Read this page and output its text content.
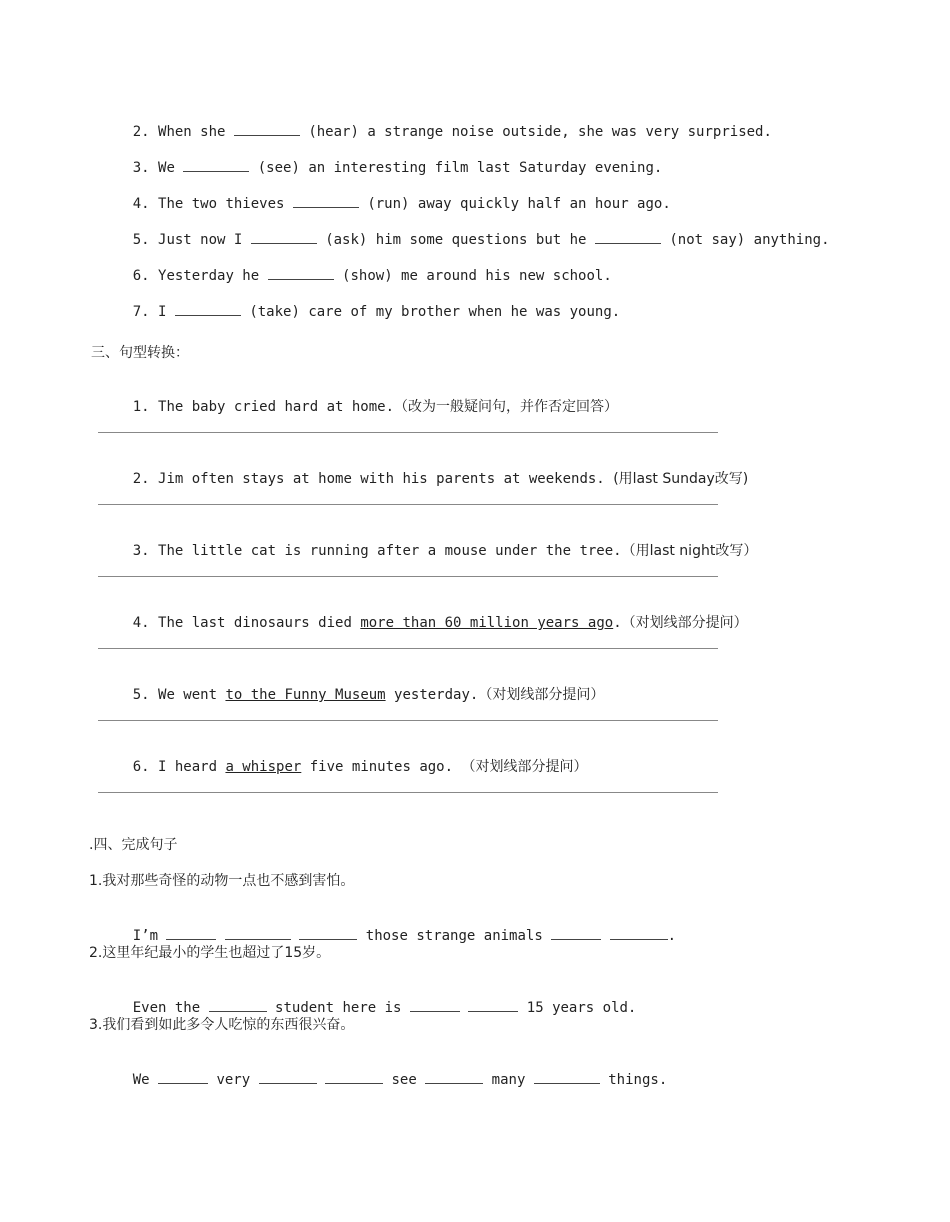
2. When she	(hear) a strange noise outside, she was very surprised.

3. We	(see) an interesting film last Saturday evening.

4. The two thieves	(run) away quickly half an hour ago.

5. Just now I	(ask) him some questions but he	(not say) anything.

6. Yesterday he	(show) me around his new school.

7. I	(take) care of my brother when he was young.

三、句型转换：

1. The baby cried hard at home.（改为一般疑问句，并作否定回答）

2. Jim often stays at home with his parents at weekends. (用last Sunday改写)

3. The little cat is running after a mouse under the tree.（用last night改写）

4. The last dinosaurs died more than 60 million years ago.（对划线部分提问）

5. We went to the Funny Museum yesterday.（对划线部分提问）

6. I heard a whisper five minutes ago. （对划线部分提问）

.四、完成句子
1.我对那些奇怪的动物一点也不感到害怕。

I’m	those strange animals	.

2.这里年纪最小的学生也超过了15岁。

Even the	student here is	15 years old.

3.我们看到如此多令人吃惊的东西很兴奋。

We	very	see	many	things.
